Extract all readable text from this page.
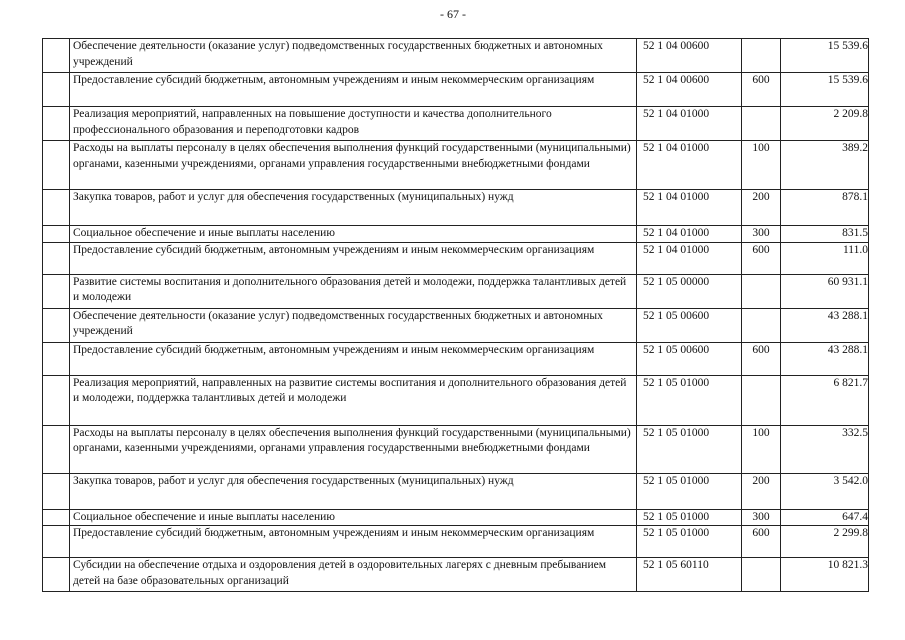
- 67 -
	Обеспечение деятельности (оказание услуг) подведомственных государственных бюджетных и автономных учреждений	52 1 04 00600		15 539.6
	Предоставление субсидий бюджетным, автономным учреждениям и иным некоммерческим организациям	52 1 04 00600	600	15 539.6
	Реализация мероприятий, направленных на повышение доступности и качества дополнительного профессионального образования и переподготовки кадров	52 1 04 01000		2 209.8
	Расходы на выплаты персоналу в целях обеспечения выполнения функций государственными (муниципальными) органами, казенными учреждениями, органами управления государственными внебюджетными фондами	52 1 04 01000	100	389.2
	Закупка товаров, работ и услуг для обеспечения государственных (муниципальных) нужд	52 1 04 01000	200	878.1
	Социальное обеспечение и иные выплаты населению	52 1 04 01000	300	831.5
	Предоставление субсидий бюджетным, автономным учреждениям и иным некоммерческим организациям	52 1 04 01000	600	111.0
	Развитие системы воспитания и дополнительного образования детей и молодежи, поддержка талантливых детей и молодежи	52 1 05 00000		60 931.1
	Обеспечение деятельности (оказание услуг) подведомственных государственных бюджетных и автономных учреждений	52 1 05 00600		43 288.1
	Предоставление субсидий бюджетным, автономным учреждениям и иным некоммерческим организациям	52 1 05 00600	600	43 288.1
	Реализация мероприятий, направленных на развитие системы воспитания и дополнительного образования детей и молодежи, поддержка талантливых детей и молодежи	52 1 05 01000		6 821.7
	Расходы на выплаты персоналу в целях обеспечения выполнения функций государственными (муниципальными) органами, казенными учреждениями, органами управления государственными внебюджетными фондами	52 1 05 01000	100	332.5
	Закупка товаров, работ и услуг для обеспечения государственных (муниципальных) нужд	52 1 05 01000	200	3 542.0
	Социальное обеспечение и иные выплаты населению	52 1 05 01000	300	647.4
	Предоставление субсидий бюджетным, автономным учреждениям и иным некоммерческим организациям	52 1 05 01000	600	2 299.8
	Субсидии на обеспечение отдыха и оздоровления детей в оздоровительных лагерях с дневным пребыванием детей на базе образовательных организаций	52 1 05 60110		10 821.3
